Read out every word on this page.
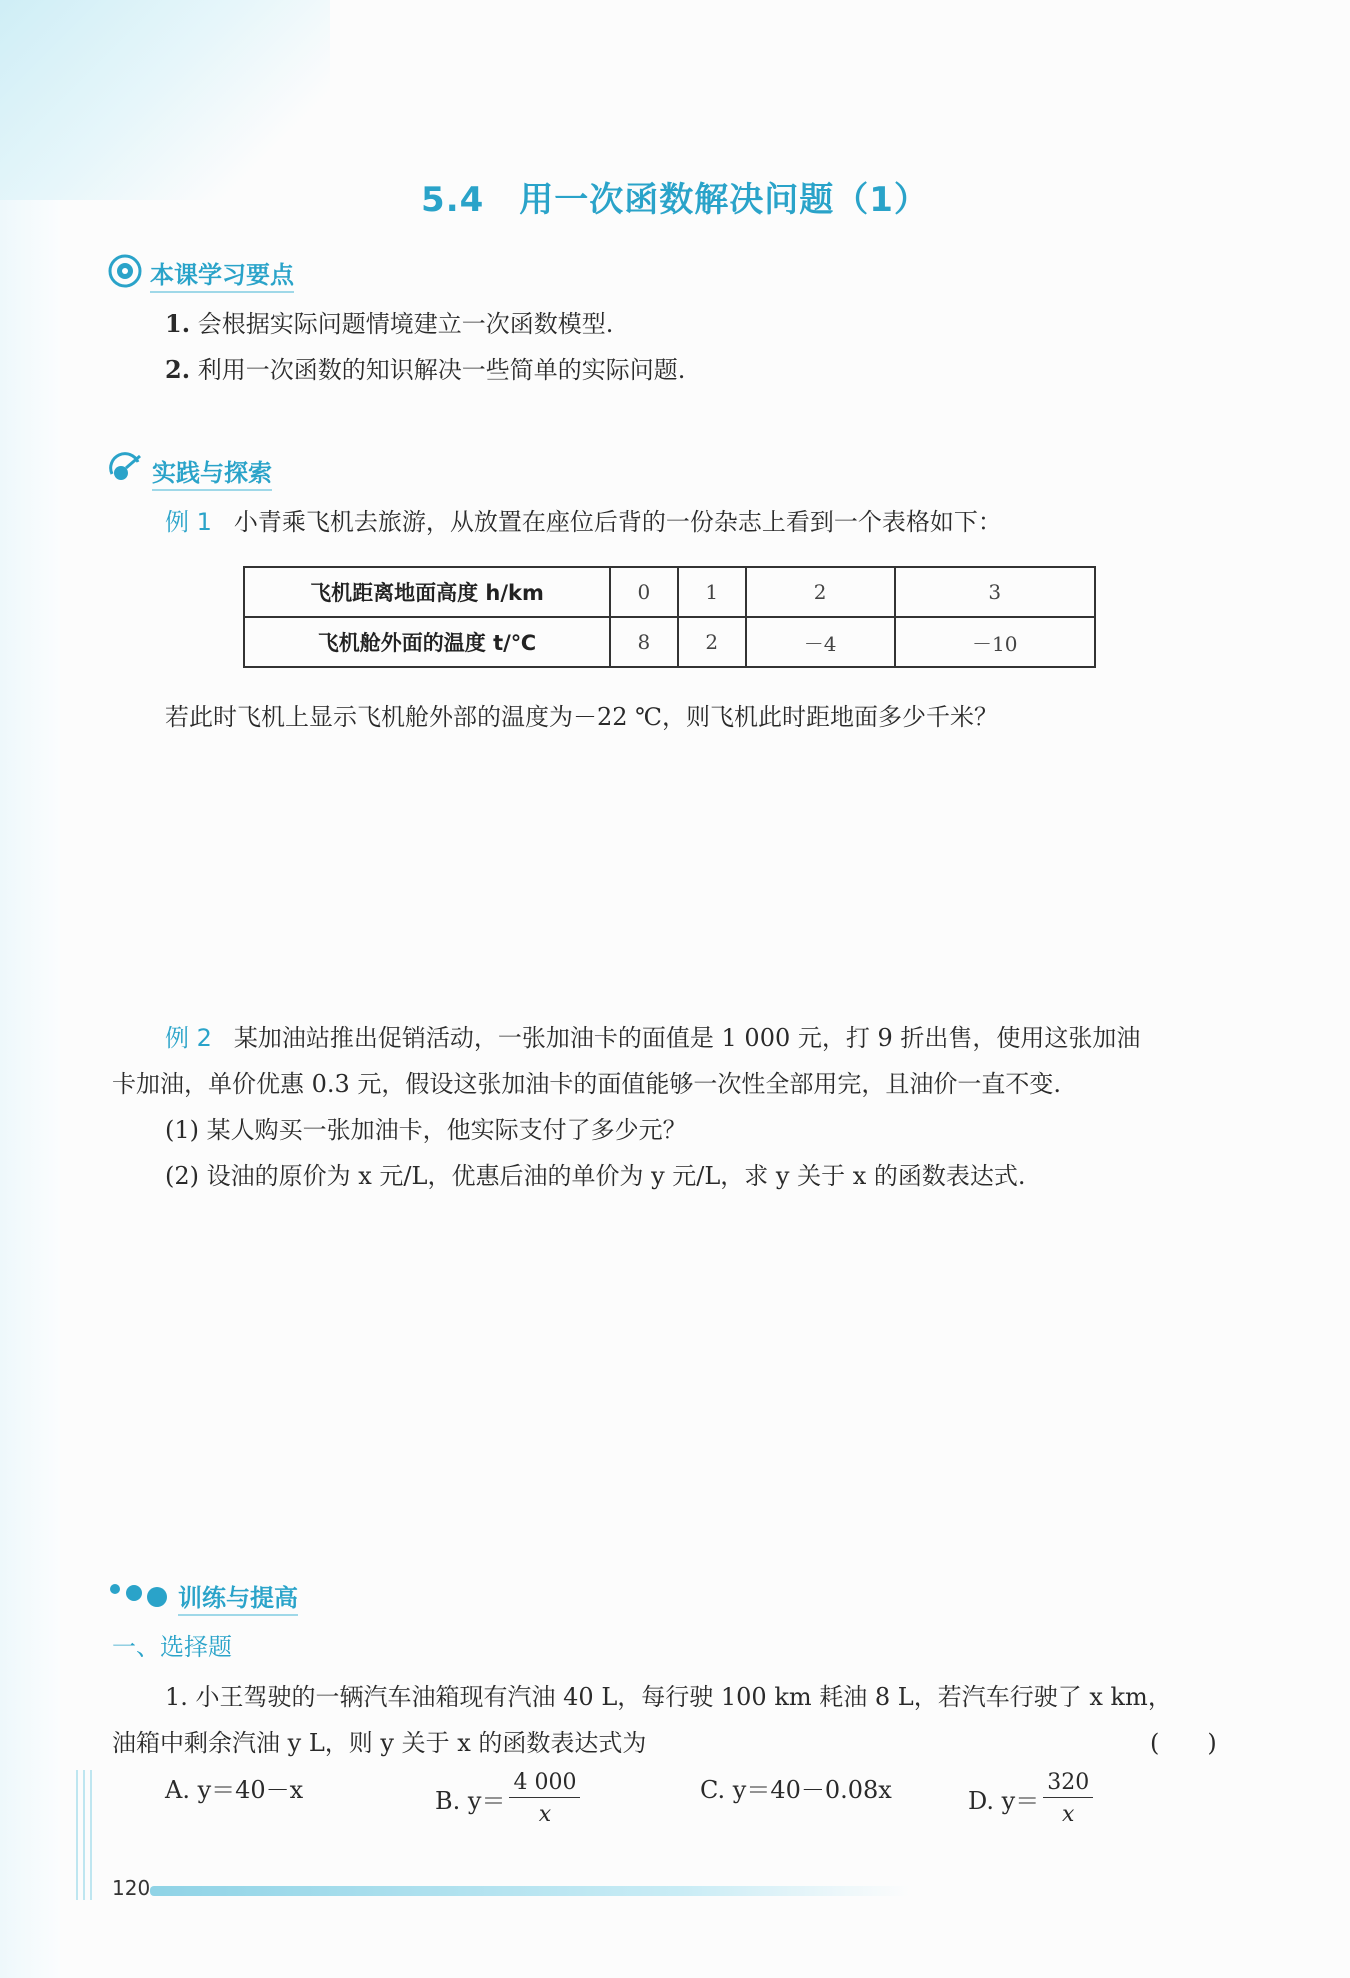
5.4　用一次函数解决问题（1）
本课学习要点
1. 会根据实际问题情境建立一次函数模型.
2. 利用一次函数的知识解决一些简单的实际问题.
实践与探索
例 1 小青乘飞机去旅游，从放置在座位后背的一份杂志上看到一个表格如下：
飞机距离地面高度 h/km	0	1	2	3
飞机舱外面的温度 t/℃	8	2	－4	－10
若此时飞机上显示飞机舱外部的温度为－22 ℃，则飞机此时距地面多少千米？
例 2 某加油站推出促销活动，一张加油卡的面值是 1 000 元，打 9 折出售，使用这张加油
卡加油，单价优惠 0.3 元，假设这张加油卡的面值能够一次性全部用完，且油价一直不变.
(1) 某人购买一张加油卡，他实际支付了多少元？
(2) 设油的原价为 x 元/L，优惠后油的单价为 y 元/L，求 y 关于 x 的函数表达式.
训练与提高
一、选择题
1. 小王驾驶的一辆汽车油箱现有汽油 40 L，每行驶 100 km 耗油 8 L，若汽车行驶了 x km，
油箱中剩余汽油 y L，则 y 关于 x 的函数表达式为	(　　)
A. y＝40－x	B. $y= \frac{4 000}{x}$	C. y＝40－0.08x	D. $y= \frac{320}{x}$
120
